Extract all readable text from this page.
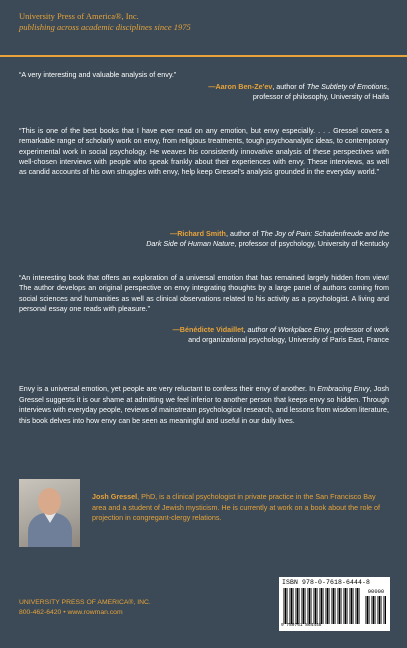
University Press of America®, Inc.
publishing across academic disciplines since 1975
“A very interesting and valuable analysis of envy.”
—Aaron Ben-Ze'ev, author of The Subtlety of Emotions,
professor of philosophy, University of Haifa
“This is one of the best books that I have ever read on any emotion, but envy especially. . . . Gressel covers a remarkable range of scholarly work on envy, from religious treatments, tough psychoanalytic ideas, to contemporary experimental work in social psychology. He weaves his consistently innovative analysis of these perspectives with well-chosen interviews with people who speak frankly about their experiences with envy. These interviews, as well as candid accounts of his own struggles with envy, help keep Gressel's analysis grounded in the everyday world.”
—Richard Smith, author of The Joy of Pain: Schadenfreude and the
Dark Side of Human Nature, professor of psychology, University of Kentucky
“An interesting book that offers an exploration of a universal emotion that has remained largely hidden from view! The author develops an original perspective on envy integrating thoughts by a large panel of authors coming from social sciences and humanities as well as clinical observations related to his activity as a psychologist. A living and personal essay one reads with pleasure.”
—Bénédicte Vidaillet, author of Workplace Envy, professor of work
and organizational psychology, University of Paris East, France
Envy is a universal emotion, yet people are very reluctant to confess their envy of another. In Embracing Envy, Josh Gressel suggests it is our shame at admitting we feel inferior to another person that keeps envy so hidden. Through interviews with everyday people, reviews of mainstream psychological research, and lessons from wisdom literature, this book delves into how envy can be seen as meaningful and useful in our daily lives.
Josh Gressel, PhD, is a clinical psychologist in private practice in the San Francisco Bay area and a student of Jewish mysticism. He is currently at work on a book about the role of projection in congregant-clergy relations.
UNIVERSITY PRESS OF AMERICA®, INC.
800-462-6420 • www.rowman.com
ISBN 978-0-7618-6444-8
90000
9 780761 864448
